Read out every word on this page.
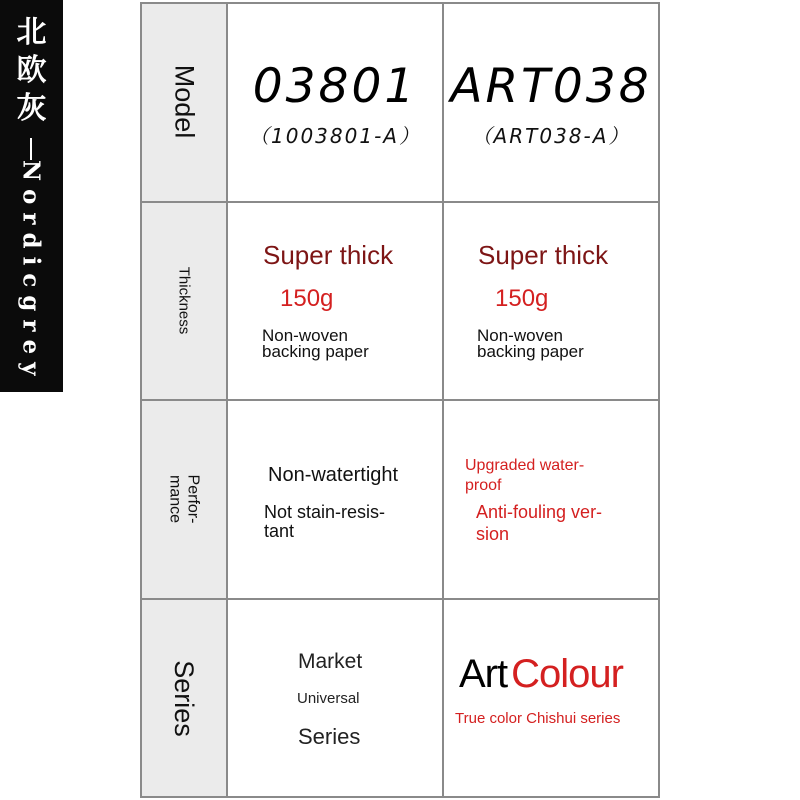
北
欧
灰
Nordicgrey
Model
Thickness
Perfor-
mance
Series
03801
（1003801-A）
Super thick
150g
Non-woven
backing paper
Non-watertight
Not stain-resis-
tant
Market
Universal
Series
ART038
（ART038-A）
Super thick
150g
Non-woven
backing paper
Upgraded water-
proof
Anti-fouling ver-
sion
Art Colour
True color Chishui series
